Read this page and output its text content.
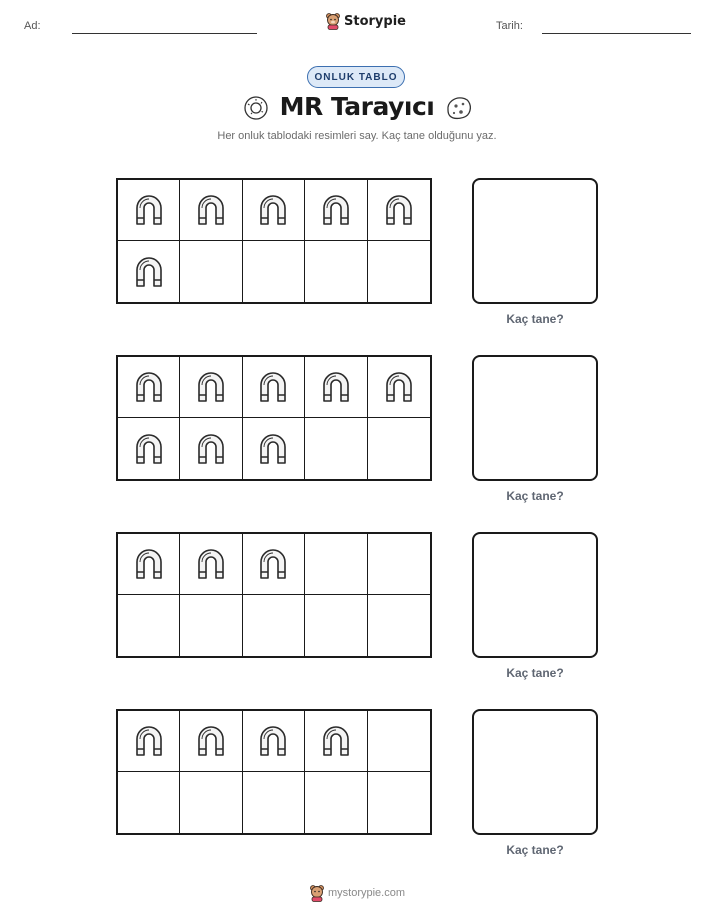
Ad:	Storypie	Tarih:
ONLUK TABLO
MR Tarayıcı
Her onluk tablodaki resimleri say. Kaç tane olduğunu yaz.
Kaç tane?
Kaç tane?
Kaç tane?
Kaç tane?
mystorypie.com
